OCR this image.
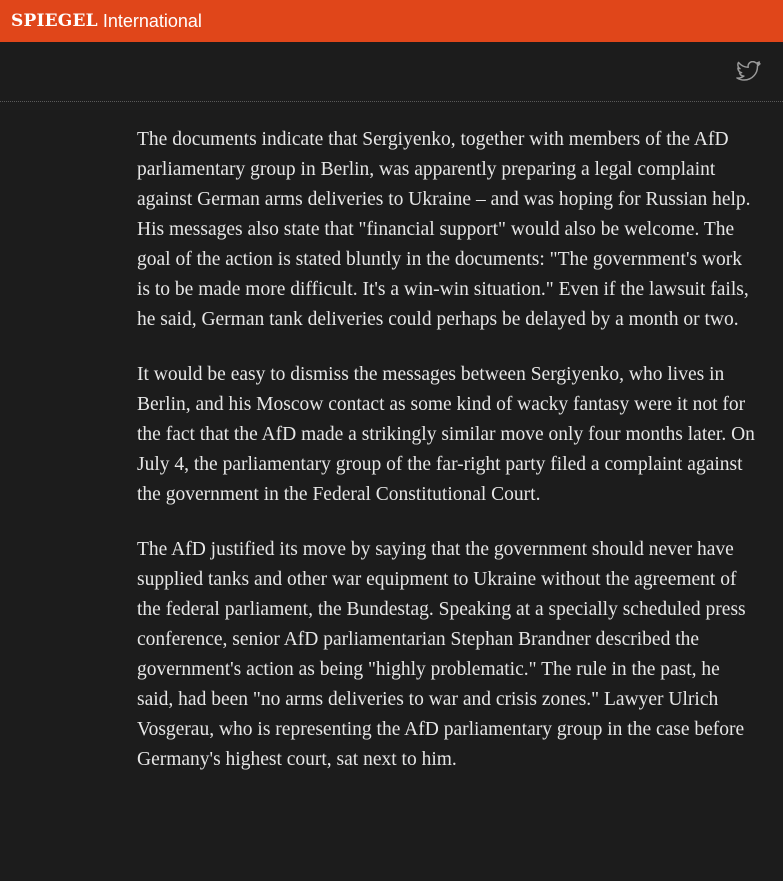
SPIEGEL International

The documents indicate that Sergiyenko, together with members of the AfD parliamentary group in Berlin, was apparently preparing a legal complaint against German arms deliveries to Ukraine – and was hoping for Russian help. His messages also state that "financial support" would also be welcome. The goal of the action is stated bluntly in the documents: "The government's work is to be made more difficult. It's a win-win situation." Even if the lawsuit fails, he said, German tank deliveries could perhaps be delayed by a month or two.

It would be easy to dismiss the messages between Sergiyenko, who lives in Berlin, and his Moscow contact as some kind of wacky fantasy were it not for the fact that the AfD made a strikingly similar move only four months later. On July 4, the parliamentary group of the far-right party filed a complaint against the government in the Federal Constitutional Court.

The AfD justified its move by saying that the government should never have supplied tanks and other war equipment to Ukraine without the agreement of the federal parliament, the Bundestag. Speaking at a specially scheduled press conference, senior AfD parliamentarian Stephan Brandner described the government's action as being "highly problematic." The rule in the past, he said, had been "no arms deliveries to war and crisis zones." Lawyer Ulrich Vosgerau, who is representing the AfD parliamentary group in the case before Germany's highest court, sat next to him.
